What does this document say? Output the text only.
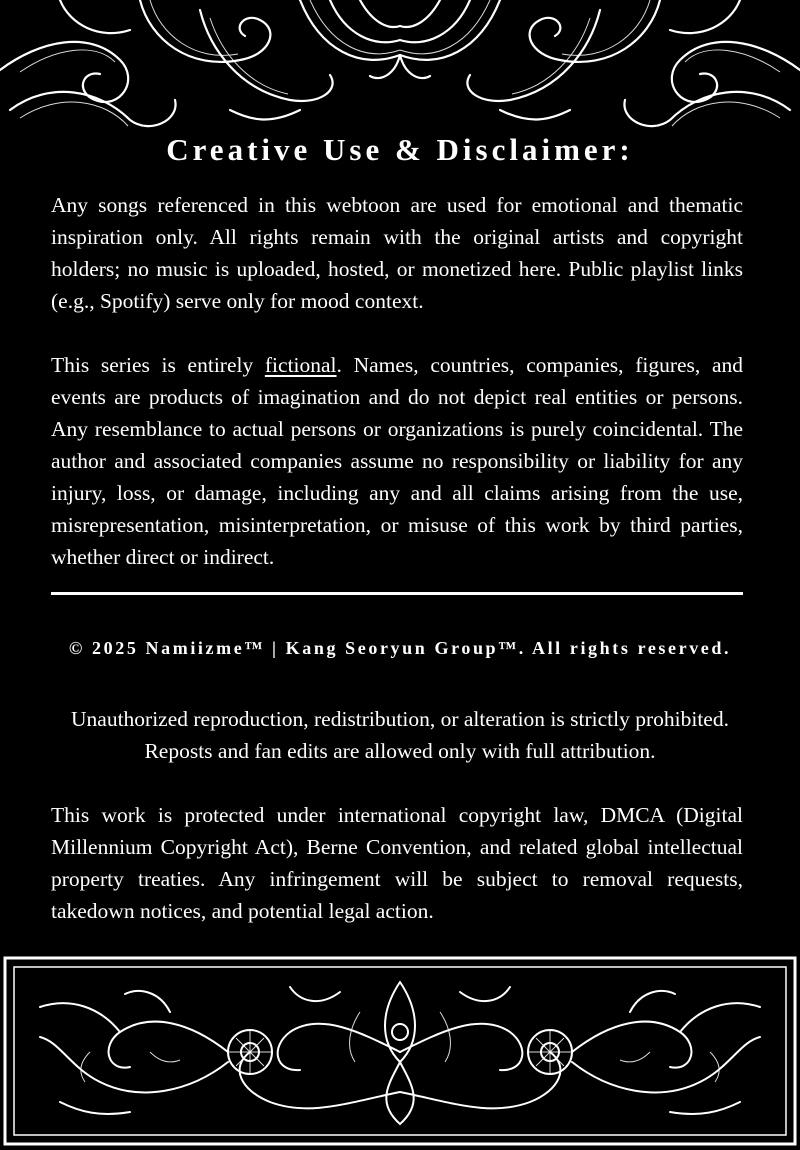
Creative Use & Disclaimer:

Any songs referenced in this webtoon are used for emotional and thematic inspiration only. All rights remain with the original artists and copyright holders; no music is uploaded, hosted, or monetized here. Public playlist links (e.g., Spotify) serve only for mood context.

This series is entirely fictional. Names, countries, companies, figures, and events are products of imagination and do not depict real entities or persons. Any resemblance to actual persons or organizations is purely coincidental. The author and associated companies assume no responsibility or liability for any injury, loss, or damage, including any and all claims arising from the use, misrepresentation, misinterpretation, or misuse of this work by third parties, whether direct or indirect.

© 2025 Namiizme™ | Kang Seoryun Group™. All rights reserved.

Unauthorized reproduction, redistribution, or alteration is strictly prohibited. Reposts and fan edits are allowed only with full attribution.

This work is protected under international copyright law, DMCA (Digital Millennium Copyright Act), Berne Convention, and related global intellectual property treaties. Any infringement will be subject to removal requests, takedown notices, and potential legal action.
